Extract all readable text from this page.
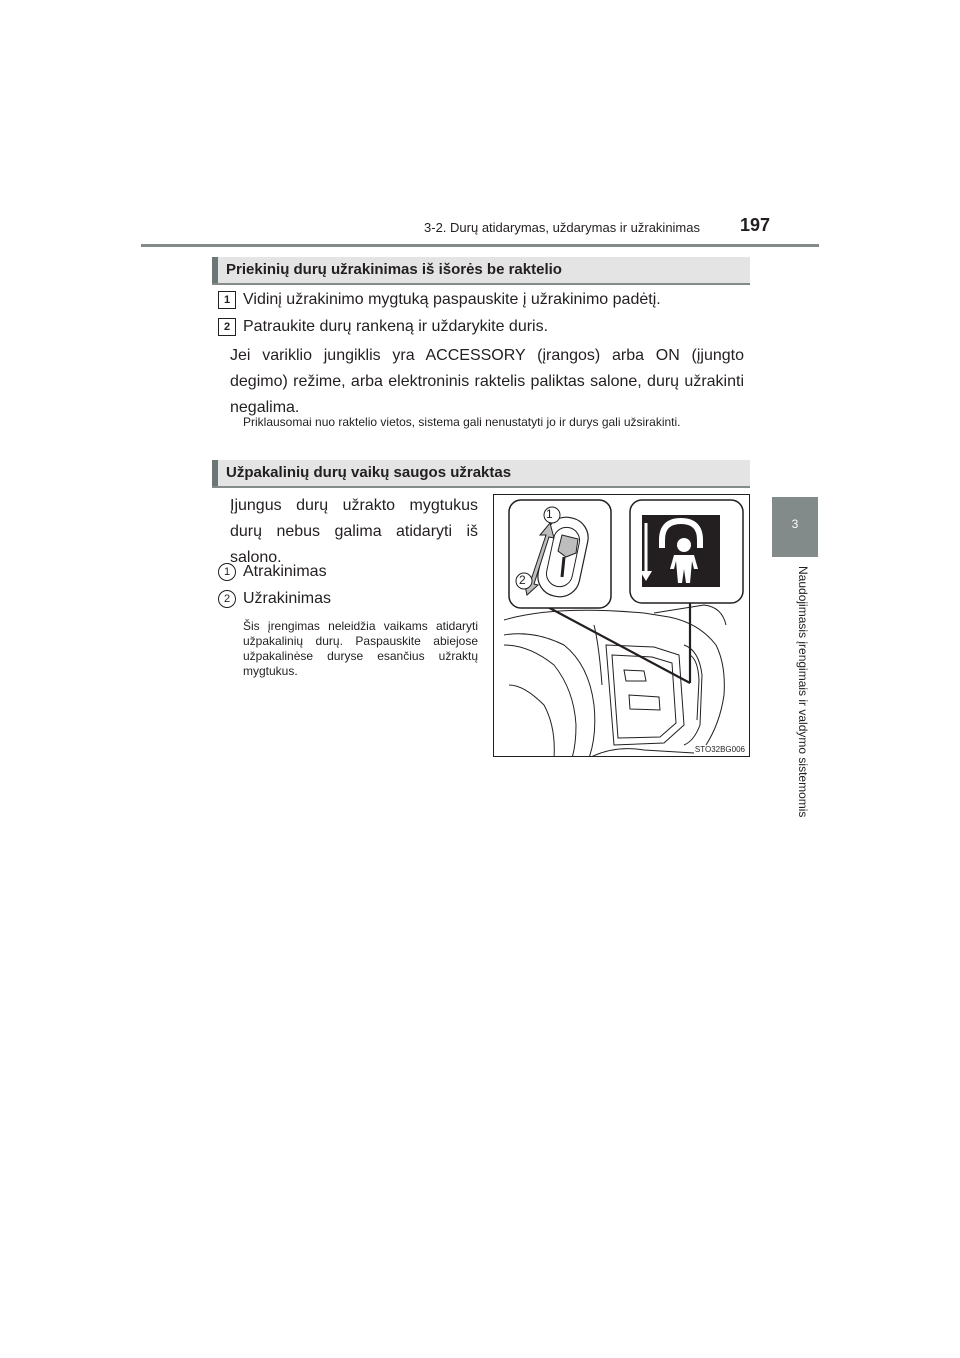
3-2. Durų atidarymas, uždarymas ir užrakinimas 197
3
Naudojimasis įrengimais ir valdymo sistemomis
Priekinių durų užrakinimas iš išorės be raktelio
1 Vidinį užrakinimo mygtuką paspauskite į užrakinimo padėtį.
2 Patraukite durų rankeną ir uždarykite duris.
Jei variklio jungiklis yra ACCESSORY (įrangos) arba ON (įjungto degimo) režime, arba elektroninis raktelis paliktas salone, durų užrakinti negalima.
Priklausomai nuo raktelio vietos, sistema gali nenustatyti jo ir durys gali užsirakinti.
Užpakalinių durų vaikų saugos užraktas
Įjungus durų užrakto mygtukus durų nebus galima atidaryti iš salono.
1 Atrakinimas
2 Užrakinimas
Šis įrengimas neleidžia vaikams atidaryti užpakalinių durų. Paspauskite abiejose užpakalinėse duryse esančius užraktų mygtukus.
1
2
STO32BG006
